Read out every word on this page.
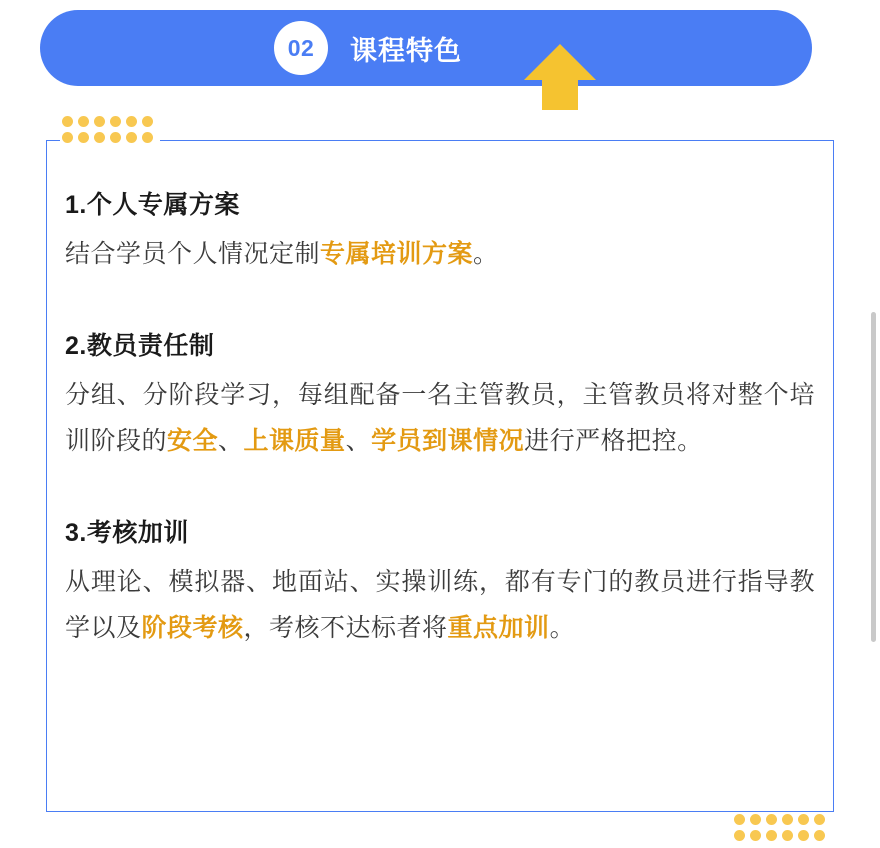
02 课程特色

1.个人专属方案

结合学员个人情况定制专属培训方案。

2.教员责任制

分组、分阶段学习，每组配备一名主管教员，主管教员将对整个培训阶段的安全、上课质量、学员到课情况进行严格把控。

3.考核加训

从理论、模拟器、地面站、实操训练，都有专门的教员进行指导教学以及阶段考核，考核不达标者将重点加训。
